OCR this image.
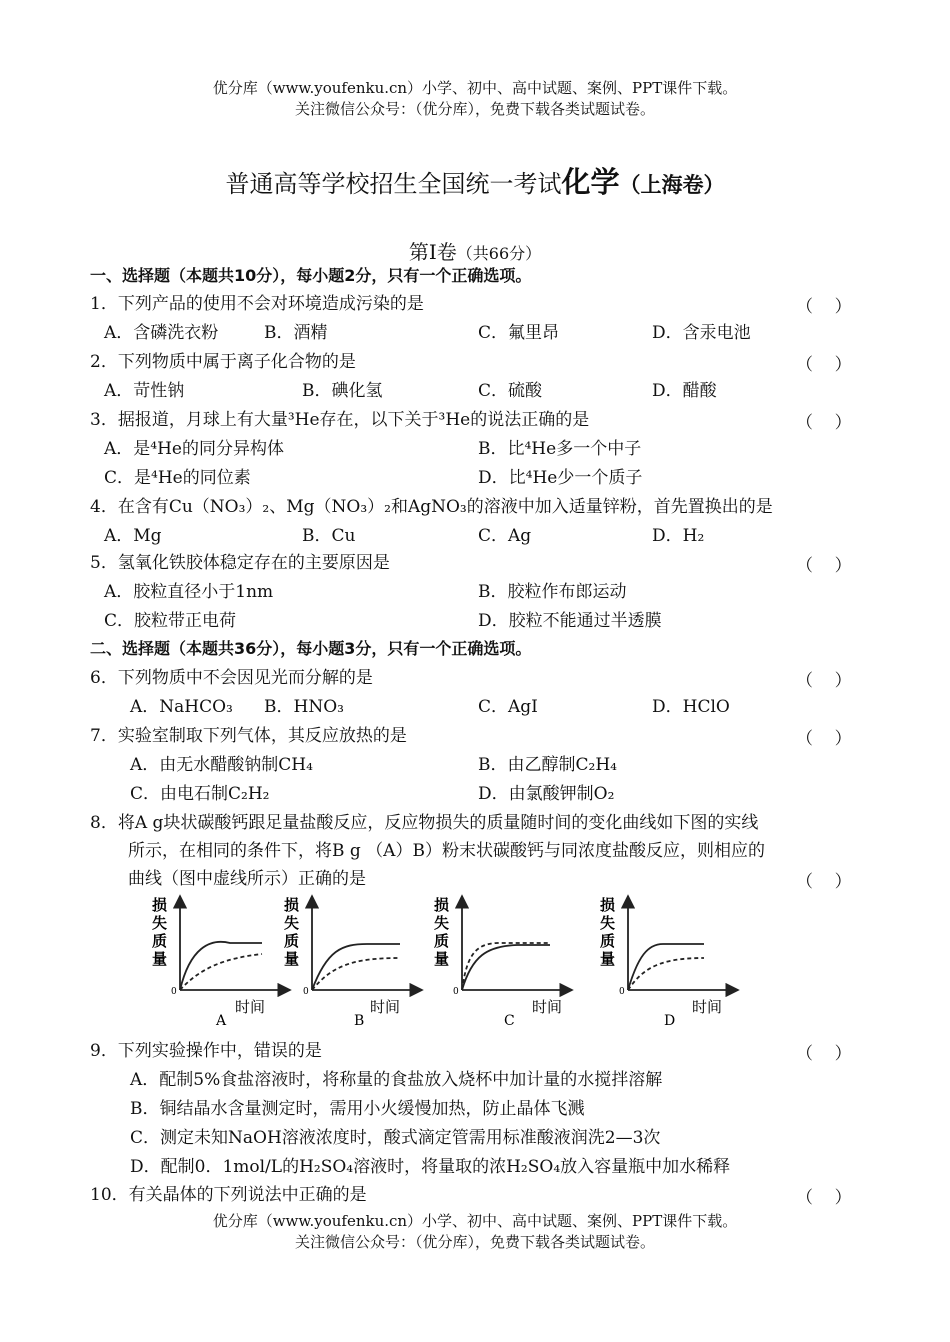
优分库（www.youfenku.cn）小学、初中、高中试题、案例、PPT课件下载。
关注微信公众号：（优分库），免费下载各类试题试卷。
普通高等学校招生全国统一考试化学（上海卷）
第Ⅰ卷（共66分）
一、选择题（本题共10分），每小题2分，只有一个正确选项。
1．下列产品的使用不会对环境造成污染的是	（    ）
A．含磷洗衣粉	B．酒精	C．氟里昂	D．含汞电池
2．下列物质中属于离子化合物的是	（    ）
A．苛性钠	B．碘化氢	C．硫酸	D．醋酸
3．据报道，月球上有大量³He存在，以下关于³He的说法正确的是	（    ）
A．是⁴He的同分异构体	B．比⁴He多一个中子
C．是⁴He的同位素	D．比⁴He少一个质子
4．在含有Cu（NO₃）₂、Mg（NO₃）₂和AgNO₃的溶液中加入适量锌粉，首先置换出的是
A．Mg	B．Cu	C．Ag	D．H₂
5．氢氧化铁胶体稳定存在的主要原因是	（    ）
A．胶粒直径小于1nm	B．胶粒作布郎运动
C．胶粒带正电荷	D．胶粒不能通过半透膜
二、选择题（本题共36分），每小题3分，只有一个正确选项。
6．下列物质中不会因见光而分解的是	（    ）
A．NaHCO₃ B．HNO₃	C．AgI	D．HClO
7．实验室制取下列气体，其反应放热的是	（    ）
A．由无水醋酸钠制CH₄	B．由乙醇制C₂H₄
C．由电石制C₂H₂	D．由氯酸钾制O₂
8．将A g块状碳酸钙跟足量盐酸反应，反应物损失的质量随时间的变化曲线如下图的实线
所示，在相同的条件下，将B g （A）B）粉末状碳酸钙与同浓度盐酸反应，则相应的
曲线（图中虚线所示）正确的是	（    ）
损
失
质
量
0
时间
A
损
失
质
量
0
时间
B
损
失
质
量
0
时间
C
损
失
质
量
0
时间
D
9．下列实验操作中，错误的是	（    ）
A．配制5%食盐溶液时，将称量的食盐放入烧杯中加计量的水搅拌溶解
B．铜结晶水含量测定时，需用小火缓慢加热，防止晶体飞溅
C．测定未知NaOH溶液浓度时，酸式滴定管需用标准酸液润洗2—3次
D．配制0．1mol/L的H₂SO₄溶液时，将量取的浓H₂SO₄放入容量瓶中加水稀释
10．有关晶体的下列说法中正确的是	（    ）
优分库（www.youfenku.cn）小学、初中、高中试题、案例、PPT课件下载。
关注微信公众号：（优分库），免费下载各类试题试卷。
